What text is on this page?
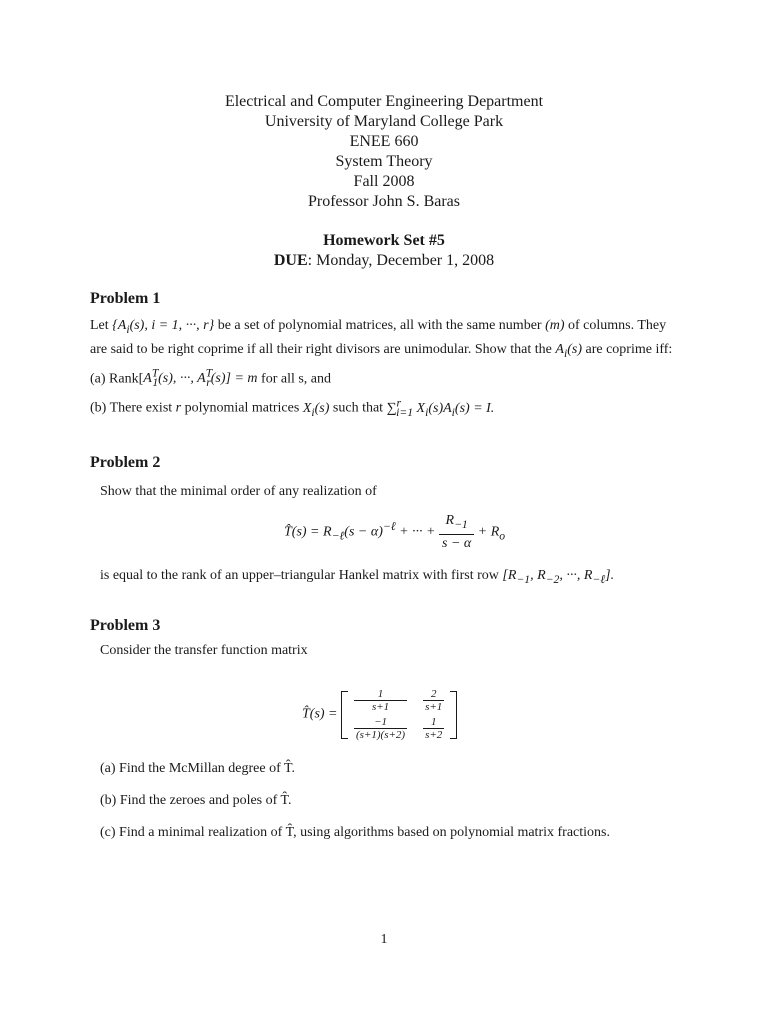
Electrical and Computer Engineering Department
University of Maryland College Park
ENEE 660
System Theory
Fall 2008
Professor John S. Baras
Homework Set #5
DUE: Monday, December 1, 2008
Problem 1
Let {$A_i(s)$, i = 1, ···, r} be a set of polynomial matrices, all with the same number (m) of columns. They are said to be right coprime if all their right divisors are unimodular. Show that the $A_i(s)$ are coprime iff:
(a) $Rank[A^T_1(s)$, ···, $A^T_r(s)] = m$ for all s, and
(b) There exist r polynomial matrices $X_i(s)$ such that ∑$^r_{i=1}$ $X_i(s)A_i(s) = I$.
Problem 2
Show that the minimal order of any realization of
T̂(s) = $R_{-\ell}(s - \alpha)^{-\ell}$ + ··· + $\frac{R_{-1}}{s - \alpha} + R_o$
is equal to the rank of an upper–triangular Hankel matrix with first row [$R_{-1}$, $R_{-2}$, ···, $R_{-\ell}$].
Problem 3
Consider the transfer function matrix
T̂(s) =
$\frac{1}{s+1} \frac{2}{s+1}$
$\frac{-1}{(s+1)(s+2)} \frac{1}{s+2}$
(a) Find the McMillan degree of T̂.
(b) Find the zeroes and poles of T̂.
(c) Find a minimal realization of T̂, using algorithms based on polynomial matrix fractions.
1
